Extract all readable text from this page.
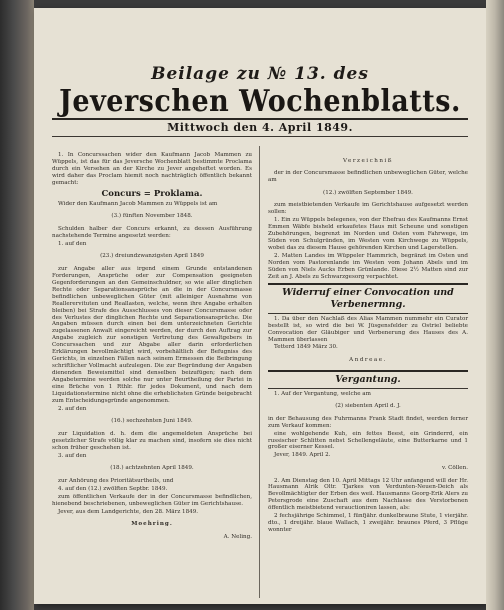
Beilage zu № 13. des
Jeverschen Wochenblatts.
Mittwoch den 4. April 1849.

1. In Concurssachen wider den Kaufmann Jacob Mammen zu Wüppels, ist das für das Jeversche Wochenblatt bestimmte Proclama durch ein Versehen an der Kirche zu Jever angeheftet worden. Es wird daher das Proclam hiemit noch nachträglich öffentlich bekannt gemacht:

Concurs = Proklama.

Wider den Kaufmann Jacob Mammen zu Wüppels ist am

(3.) fünften November 1848.

Schulden halber der Concurs erkannt, zu dessen Ausführung nachstehende Termine angesetzt werden:

1. auf den

(23.) dreiundzwanzigsten April 1849

zur Angabe aller aus irgend einem Grunde entstandenen Forderungen, Ansprüche oder zur Compensation geeigneten Gegenforderungen an den Gemeinschuldner, so wie aller dinglichen Rechte oder Separationsansprüche an die in der Concursmasse befindlichen unbeweglichen Güter (mit alleiniger Ausnahme von Reallerervituten und Reallasten, welche, wenn ihre Angabe erhalten bleiben) bei Strafe des Ausschlusses von dieser Concursmasse oder des Verlustes der dinglichen Rechte und Separationsansprüche. Die Angaben müssen durch einen bei dem unterzeichneten Gerichte zugelassenen Anwalt eingereicht werden, der durch den Auftrag zur Angabe zugleich zur sonstigen Vertretung des Gewaltgebers in Concurssachen und zur Abgabe aller darin erforderlichen Erklärungen bevollmächtigt wird, vorbehältlich der Befugniss des Gerichts, in einzelnen Fällen nach seinem Ermessen die Beibringung schriftlicher Vollmacht aufzulegen. Die zur Begründung der Angaben dienenden Beweismittel sind denselben beizufügen; nach dem Angabetermine werden solche nur unter Beurtheilung der Partei in eine Brüche von 1 Rthlr. für jedes Dokument, und nach dem Liquidationstermine nicht ohne die erheblichsten Gründe beigebracht zum Entscheidungsgründe angenommen.

2. auf den

(16.) sechzehnten Juni 1849.

zur Liquidation d. h. dem die angemeldeten Ansprüche bei gesetzlicher Strafe völlig klar zu machen sind, insofern sie dies nicht schon früher geschehen ist.

3. auf den

(18.) achtzehnten April 1849.

zur Anhörung des Prioritätsurtheils, und

4. auf den (12.) zwölften Septbr. 1849.

zum öffentlichen Verkaufe der in der Concursmasse befindlichen, hienebend beschriebenen, unbeweglichen Güter im Gerichtshause.

Jever, aus dem Landgerichte, den 28. März 1849.

Moehring.

A. Neling.

Verzeichniß

der in der Concursmasse befindlichen unbeweglichen Güter, welche am

(12.) zwölften September 1849.

zum meistbietenden Verkaufe im Gerichtshause aufgesetzt werden sollen:

1. Ein zu Wüppels belegenes, von der Ehefrau des Kaufmanns Ernst Emmen Wäbfe bisheld erkaufetes Haus mit Scheune und sonstigen Zubehörungen, begrenzt im Norden und Osten vom Fahrwege, im Süden von Schulgründen, im Westen vom Kirchwege zu Wüppels, wobei das zu diesem Hause gehörenden Kirchen und Lagerstellen.

2. Matten Landes im Wüppeler Hammrich, begränzt im Osten und Norden vom Pastorenlande im Westen vom Johann Abels und im Süden von Niels Aucks Erben Grünlande. Diese 2½ Matten sind zur Zeit an J. Abels zu Schwarzgesorg verpachtet.

Widerruf einer Convocation und

Verbenermng.

1. Da über den Nachlaß des Alias Mammen nummehr ein Curator bestellt ist, so wird die bei W. Jüsgensfelder zu Ostriel beliebte Convocation der Gläubiger und Verbenerung des Hauses des A. Mammen überlassen

Tetterd 1849 März 30.

Andreae.

Vergantung.

1. Auf der Vergantung, welche am

(2) siebenten April d. J.

in der Behausung des Fuhrmanns Frank Stadt findet, werden ferner zum Verkauf kommen:

eine wohlgehende Kuh, ein fettes Beest, ein Grinderrd, ein russischer Schlitten nebst Schellengeläute, eine Butterkarne und 1 großer eiserner Kessel.

Jever, 1849. April 2.

v. Cöllen.

2. Am Dienstag den 10. April Mittags 12 Uhr anfangend will der Hr. Hausmann Alrik Oltr. Tjarkes von Verdunten-Neuen-Deich als Bevollmächtigter der Erben des weil. Hausmanns Georg-Erik Alers zu Petersgrode eine Zuschaft aus dem Nachlasse des Verstorbenen öffentlich meistbietend verauctioniren lassen, als:

2 fechsjährige Schimmel, 1 fünfjähr. dunkelbraune Stute, 1 vierjähr. dto., 1 dreijähr. blaue Wallach, 1 zweijähr. braunes Pferd, 3 Pflüge wonnter
